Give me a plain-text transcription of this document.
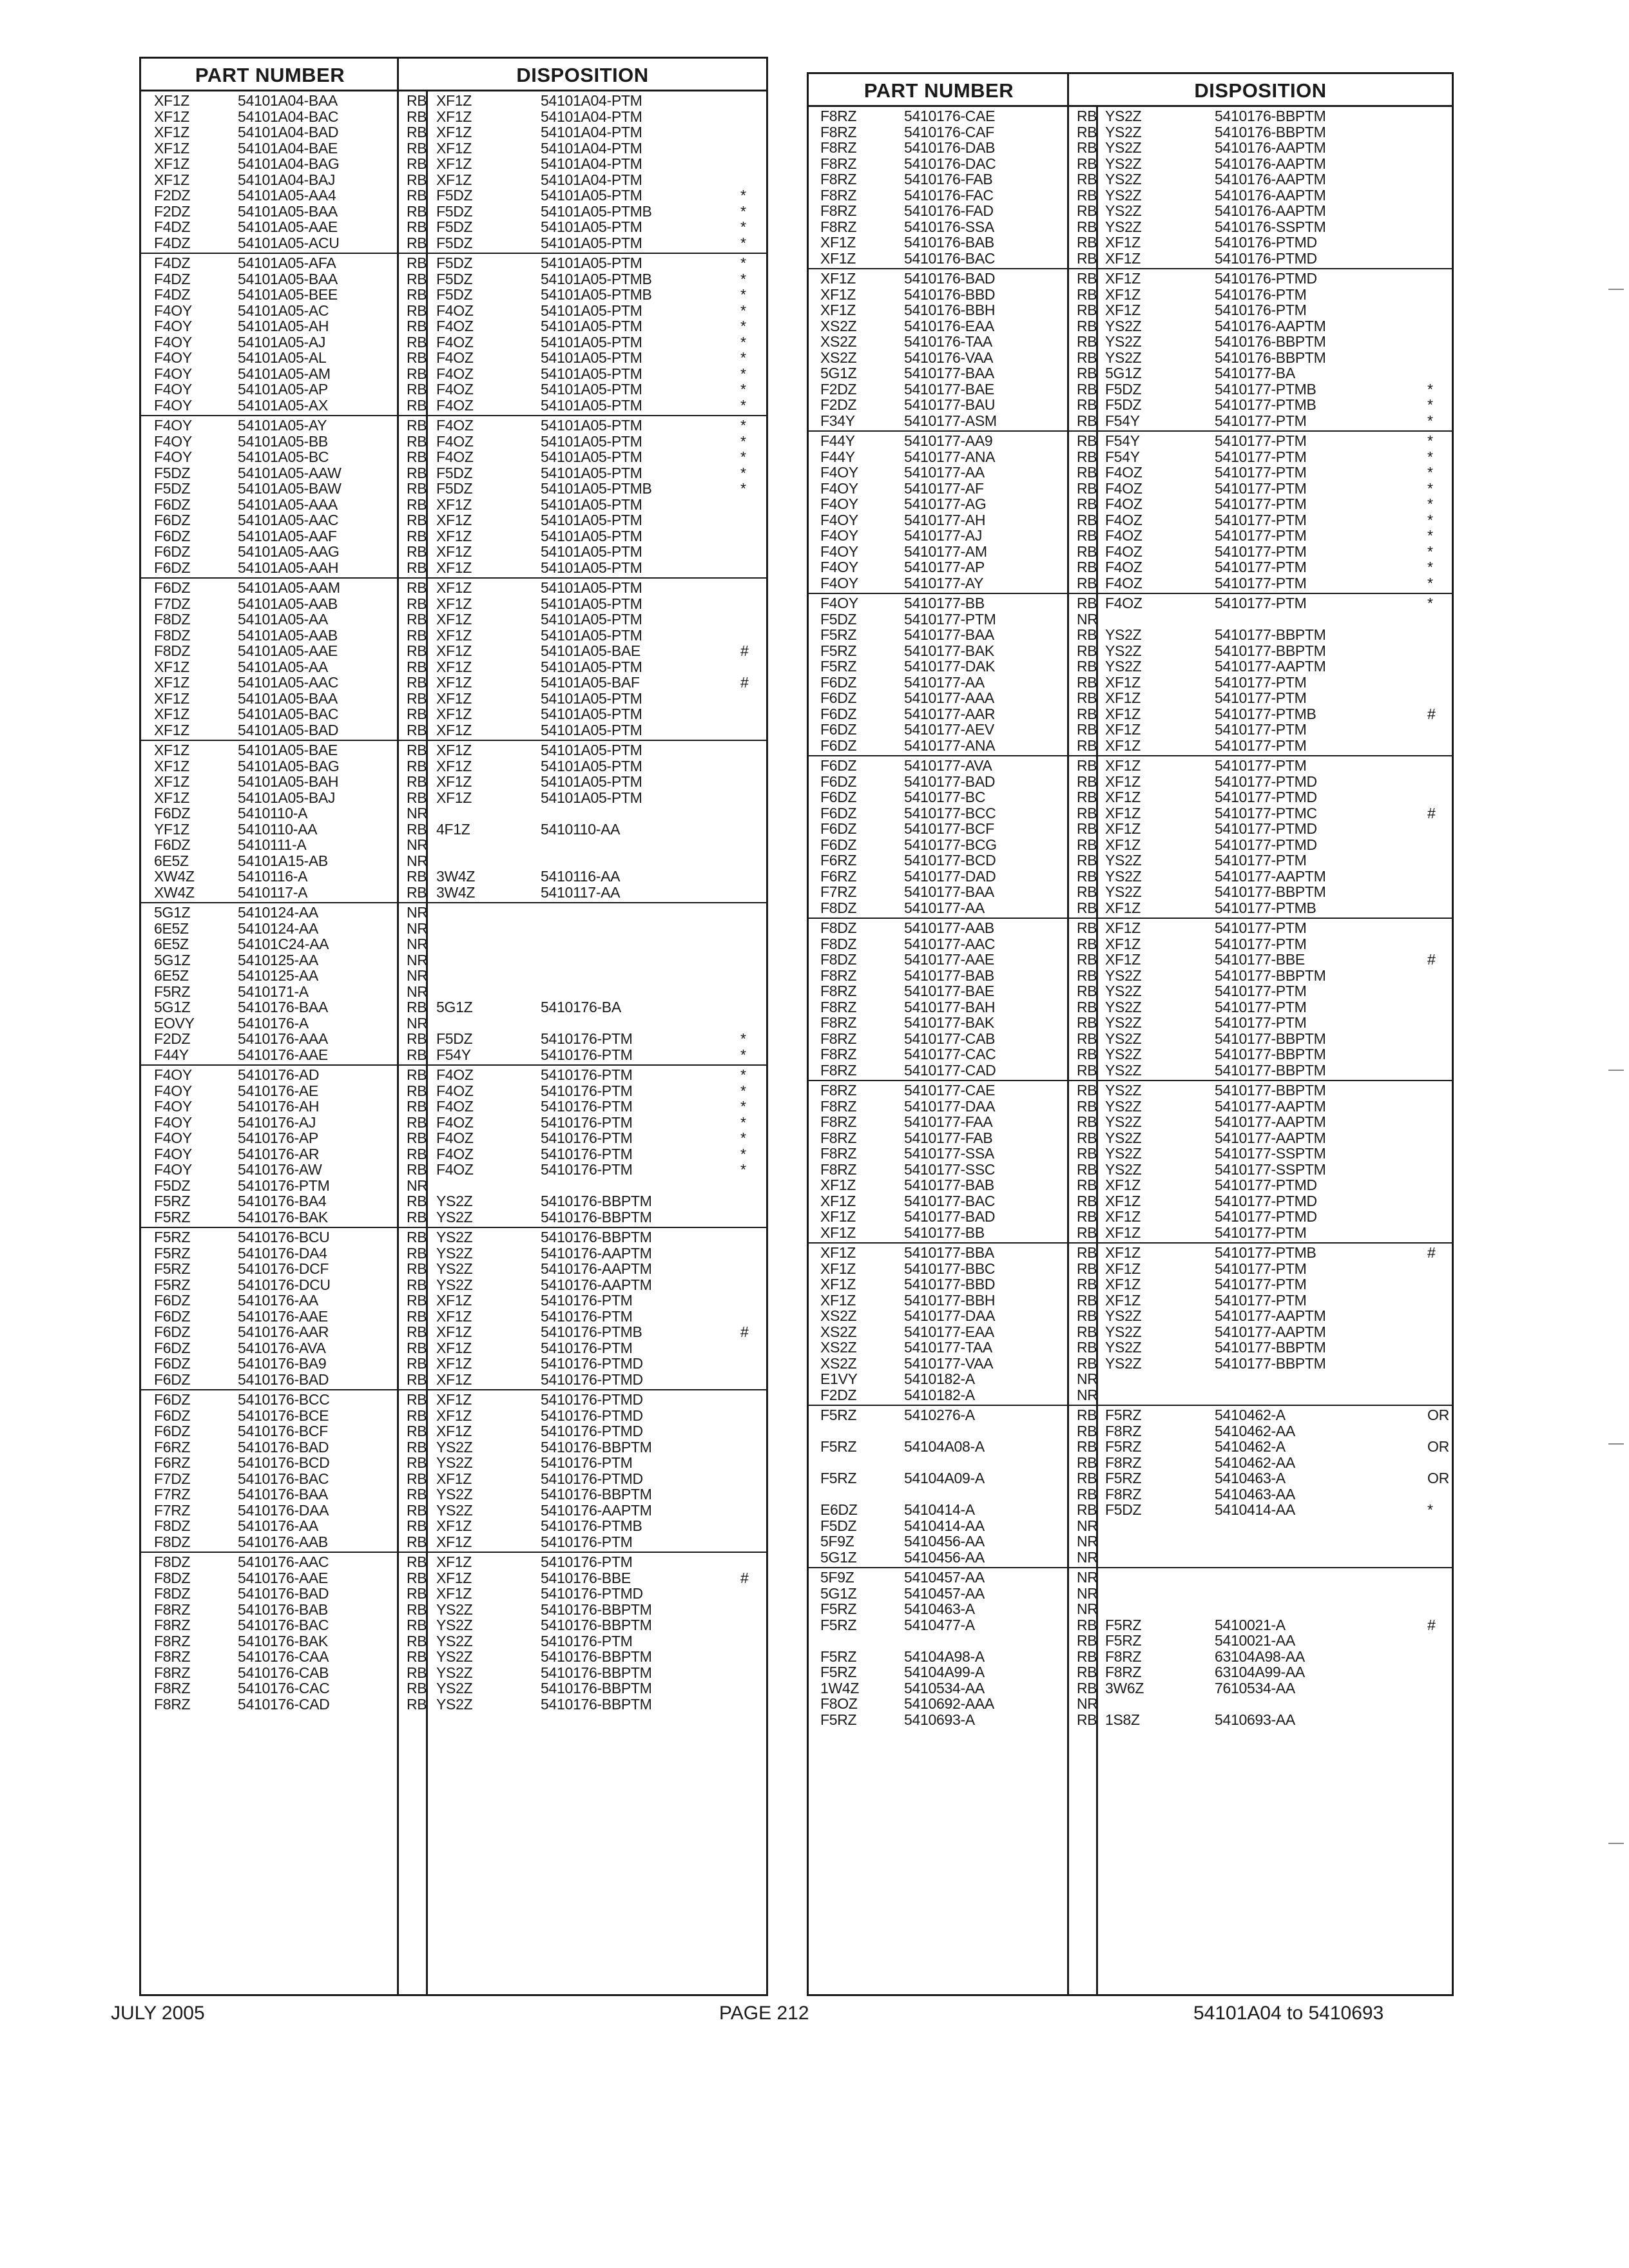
PART NUMBER	DISPOSITION
XF1Z	54101A04-BAA	RB XF1Z	54101A04-PTM
XF1Z	54101A04-BAC	RB XF1Z	54101A04-PTM
XF1Z	54101A04-BAD	RB XF1Z	54101A04-PTM
XF1Z	54101A04-BAE	RB XF1Z	54101A04-PTM
XF1Z	54101A04-BAG	RB XF1Z	54101A04-PTM
XF1Z	54101A04-BAJ	RB XF1Z	54101A04-PTM
F2DZ	54101A05-AA4	RB F5DZ	54101A05-PTM	*
F2DZ	54101A05-BAA	RB F5DZ	54101A05-PTMB	*
F4DZ	54101A05-AAE	RB F5DZ	54101A05-PTM	*
F4DZ	54101A05-ACU	RB F5DZ	54101A05-PTM	*
F4DZ	54101A05-AFA	RB F5DZ	54101A05-PTM	*
F4DZ	54101A05-BAA	RB F5DZ	54101A05-PTMB	*
F4DZ	54101A05-BEE	RB F5DZ	54101A05-PTMB	*
F4OY	54101A05-AC	RB F4OZ	54101A05-PTM	*
F4OY	54101A05-AH	RB F4OZ	54101A05-PTM	*
F4OY	54101A05-AJ	RB F4OZ	54101A05-PTM	*
F4OY	54101A05-AL	RB F4OZ	54101A05-PTM	*
F4OY	54101A05-AM	RB F4OZ	54101A05-PTM	*
F4OY	54101A05-AP	RB F4OZ	54101A05-PTM	*
F4OY	54101A05-AX	RB F4OZ	54101A05-PTM	*
F4OY	54101A05-AY	RB F4OZ	54101A05-PTM	*
F4OY	54101A05-BB	RB F4OZ	54101A05-PTM	*
F4OY	54101A05-BC	RB F4OZ	54101A05-PTM	*
F5DZ	54101A05-AAW	RB F5DZ	54101A05-PTM	*
F5DZ	54101A05-BAW	RB F5DZ	54101A05-PTMB	*
F6DZ	54101A05-AAA	RB XF1Z	54101A05-PTM
F6DZ	54101A05-AAC	RB XF1Z	54101A05-PTM
F6DZ	54101A05-AAF	RB XF1Z	54101A05-PTM
F6DZ	54101A05-AAG	RB XF1Z	54101A05-PTM
F6DZ	54101A05-AAH	RB XF1Z	54101A05-PTM
F6DZ	54101A05-AAM	RB XF1Z	54101A05-PTM
F7DZ	54101A05-AAB	RB XF1Z	54101A05-PTM
F8DZ	54101A05-AA	RB XF1Z	54101A05-PTM
F8DZ	54101A05-AAB	RB XF1Z	54101A05-PTM
F8DZ	54101A05-AAE	RB XF1Z	54101A05-BAE	#
XF1Z	54101A05-AA	RB XF1Z	54101A05-PTM
XF1Z	54101A05-AAC	RB XF1Z	54101A05-BAF	#
XF1Z	54101A05-BAA	RB XF1Z	54101A05-PTM
XF1Z	54101A05-BAC	RB XF1Z	54101A05-PTM
XF1Z	54101A05-BAD	RB XF1Z	54101A05-PTM
XF1Z	54101A05-BAE	RB XF1Z	54101A05-PTM
XF1Z	54101A05-BAG	RB XF1Z	54101A05-PTM
XF1Z	54101A05-BAH	RB XF1Z	54101A05-PTM
XF1Z	54101A05-BAJ	RB XF1Z	54101A05-PTM
F6DZ	5410110-A	NR
YF1Z	5410110-AA	RB 4F1Z	5410110-AA
F6DZ	5410111-A	NR
6E5Z	54101A15-AB	NR
XW4Z	5410116-A	RB 3W4Z	5410116-AA
XW4Z	5410117-A	RB 3W4Z	5410117-AA
5G1Z	5410124-AA	NR
6E5Z	5410124-AA	NR
6E5Z	54101C24-AA	NR
5G1Z	5410125-AA	NR
6E5Z	5410125-AA	NR
F5RZ	5410171-A	NR
5G1Z	5410176-BAA	RB 5G1Z	5410176-BA
EOVY	5410176-A	NR
F2DZ	5410176-AAA	RB F5DZ	5410176-PTM	*
F44Y	5410176-AAE	RB F54Y	5410176-PTM	*
F4OY	5410176-AD	RB F4OZ	5410176-PTM	*
F4OY	5410176-AE	RB F4OZ	5410176-PTM	*
F4OY	5410176-AH	RB F4OZ	5410176-PTM	*
F4OY	5410176-AJ	RB F4OZ	5410176-PTM	*
F4OY	5410176-AP	RB F4OZ	5410176-PTM	*
F4OY	5410176-AR	RB F4OZ	5410176-PTM	*
F4OY	5410176-AW	RB F4OZ	5410176-PTM	*
F5DZ	5410176-PTM	NR
F5RZ	5410176-BA4	RB YS2Z	5410176-BBPTM
F5RZ	5410176-BAK	RB YS2Z	5410176-BBPTM
F5RZ	5410176-BCU	RB YS2Z	5410176-BBPTM
F5RZ	5410176-DA4	RB YS2Z	5410176-AAPTM
F5RZ	5410176-DCF	RB YS2Z	5410176-AAPTM
F5RZ	5410176-DCU	RB YS2Z	5410176-AAPTM
F6DZ	5410176-AA	RB XF1Z	5410176-PTM
F6DZ	5410176-AAE	RB XF1Z	5410176-PTM
F6DZ	5410176-AAR	RB XF1Z	5410176-PTMB	#
F6DZ	5410176-AVA	RB XF1Z	5410176-PTM
F6DZ	5410176-BA9	RB XF1Z	5410176-PTMD
F6DZ	5410176-BAD	RB XF1Z	5410176-PTMD
F6DZ	5410176-BCC	RB XF1Z	5410176-PTMD
F6DZ	5410176-BCE	RB XF1Z	5410176-PTMD
F6DZ	5410176-BCF	RB XF1Z	5410176-PTMD
F6RZ	5410176-BAD	RB YS2Z	5410176-BBPTM
F6RZ	5410176-BCD	RB YS2Z	5410176-PTM
F7DZ	5410176-BAC	RB XF1Z	5410176-PTMD
F7RZ	5410176-BAA	RB YS2Z	5410176-BBPTM
F7RZ	5410176-DAA	RB YS2Z	5410176-AAPTM
F8DZ	5410176-AA	RB XF1Z	5410176-PTMB
F8DZ	5410176-AAB	RB XF1Z	5410176-PTM
F8DZ	5410176-AAC	RB XF1Z	5410176-PTM
F8DZ	5410176-AAE	RB XF1Z	5410176-BBE	#
F8DZ	5410176-BAD	RB XF1Z	5410176-PTMD
F8RZ	5410176-BAB	RB YS2Z	5410176-BBPTM
F8RZ	5410176-BAC	RB YS2Z	5410176-BBPTM
F8RZ	5410176-BAK	RB YS2Z	5410176-PTM
F8RZ	5410176-CAA	RB YS2Z	5410176-BBPTM
F8RZ	5410176-CAB	RB YS2Z	5410176-BBPTM
F8RZ	5410176-CAC	RB YS2Z	5410176-BBPTM
F8RZ	5410176-CAD	RB YS2Z	5410176-BBPTM
PART NUMBER	DISPOSITION
F8RZ	5410176-CAE	RB YS2Z	5410176-BBPTM
F8RZ	5410176-CAF	RB YS2Z	5410176-BBPTM
F8RZ	5410176-DAB	RB YS2Z	5410176-AAPTM
F8RZ	5410176-DAC	RB YS2Z	5410176-AAPTM
F8RZ	5410176-FAB	RB YS2Z	5410176-AAPTM
F8RZ	5410176-FAC	RB YS2Z	5410176-AAPTM
F8RZ	5410176-FAD	RB YS2Z	5410176-AAPTM
F8RZ	5410176-SSA	RB YS2Z	5410176-SSPTM
XF1Z	5410176-BAB	RB XF1Z	5410176-PTMD
XF1Z	5410176-BAC	RB XF1Z	5410176-PTMD
XF1Z	5410176-BAD	RB XF1Z	5410176-PTMD
XF1Z	5410176-BBD	RB XF1Z	5410176-PTM
XF1Z	5410176-BBH	RB XF1Z	5410176-PTM
XS2Z	5410176-EAA	RB YS2Z	5410176-AAPTM
XS2Z	5410176-TAA	RB YS2Z	5410176-BBPTM
XS2Z	5410176-VAA	RB YS2Z	5410176-BBPTM
5G1Z	5410177-BAA	RB 5G1Z	5410177-BA
F2DZ	5410177-BAE	RB F5DZ	5410177-PTMB	*
F2DZ	5410177-BAU	RB F5DZ	5410177-PTMB	*
F34Y	5410177-ASM	RB F54Y	5410177-PTM	*
F44Y	5410177-AA9	RB F54Y	5410177-PTM	*
F44Y	5410177-ANA	RB F54Y	5410177-PTM	*
F4OY	5410177-AA	RB F4OZ	5410177-PTM	*
F4OY	5410177-AF	RB F4OZ	5410177-PTM	*
F4OY	5410177-AG	RB F4OZ	5410177-PTM	*
F4OY	5410177-AH	RB F4OZ	5410177-PTM	*
F4OY	5410177-AJ	RB F4OZ	5410177-PTM	*
F4OY	5410177-AM	RB F4OZ	5410177-PTM	*
F4OY	5410177-AP	RB F4OZ	5410177-PTM	*
F4OY	5410177-AY	RB F4OZ	5410177-PTM	*
F4OY	5410177-BB	RB F4OZ	5410177-PTM	*
F5DZ	5410177-PTM	NR
F5RZ	5410177-BAA	RB YS2Z	5410177-BBPTM
F5RZ	5410177-BAK	RB YS2Z	5410177-BBPTM
F5RZ	5410177-DAK	RB YS2Z	5410177-AAPTM
F6DZ	5410177-AA	RB XF1Z	5410177-PTM
F6DZ	5410177-AAA	RB XF1Z	5410177-PTM
F6DZ	5410177-AAR	RB XF1Z	5410177-PTMB	#
F6DZ	5410177-AEV	RB XF1Z	5410177-PTM
F6DZ	5410177-ANA	RB XF1Z	5410177-PTM
F6DZ	5410177-AVA	RB XF1Z	5410177-PTM
F6DZ	5410177-BAD	RB XF1Z	5410177-PTMD
F6DZ	5410177-BC	RB XF1Z	5410177-PTMD
F6DZ	5410177-BCC	RB XF1Z	5410177-PTMC	#
F6DZ	5410177-BCF	RB XF1Z	5410177-PTMD
F6DZ	5410177-BCG	RB XF1Z	5410177-PTMD
F6RZ	5410177-BCD	RB YS2Z	5410177-PTM
F6RZ	5410177-DAD	RB YS2Z	5410177-AAPTM
F7RZ	5410177-BAA	RB YS2Z	5410177-BBPTM
F8DZ	5410177-AA	RB XF1Z	5410177-PTMB
F8DZ	5410177-AAB	RB XF1Z	5410177-PTM
F8DZ	5410177-AAC	RB XF1Z	5410177-PTM
F8DZ	5410177-AAE	RB XF1Z	5410177-BBE	#
F8RZ	5410177-BAB	RB YS2Z	5410177-BBPTM
F8RZ	5410177-BAE	RB YS2Z	5410177-PTM
F8RZ	5410177-BAH	RB YS2Z	5410177-PTM
F8RZ	5410177-BAK	RB YS2Z	5410177-PTM
F8RZ	5410177-CAB	RB YS2Z	5410177-BBPTM
F8RZ	5410177-CAC	RB YS2Z	5410177-BBPTM
F8RZ	5410177-CAD	RB YS2Z	5410177-BBPTM
F8RZ	5410177-CAE	RB YS2Z	5410177-BBPTM
F8RZ	5410177-DAA	RB YS2Z	5410177-AAPTM
F8RZ	5410177-FAA	RB YS2Z	5410177-AAPTM
F8RZ	5410177-FAB	RB YS2Z	5410177-AAPTM
F8RZ	5410177-SSA	RB YS2Z	5410177-SSPTM
F8RZ	5410177-SSC	RB YS2Z	5410177-SSPTM
XF1Z	5410177-BAB	RB XF1Z	5410177-PTMD
XF1Z	5410177-BAC	RB XF1Z	5410177-PTMD
XF1Z	5410177-BAD	RB XF1Z	5410177-PTMD
XF1Z	5410177-BB	RB XF1Z	5410177-PTM
XF1Z	5410177-BBA	RB XF1Z	5410177-PTMB	#
XF1Z	5410177-BBC	RB XF1Z	5410177-PTM
XF1Z	5410177-BBD	RB XF1Z	5410177-PTM
XF1Z	5410177-BBH	RB XF1Z	5410177-PTM
XS2Z	5410177-DAA	RB YS2Z	5410177-AAPTM
XS2Z	5410177-EAA	RB YS2Z	5410177-AAPTM
XS2Z	5410177-TAA	RB YS2Z	5410177-BBPTM
XS2Z	5410177-VAA	RB YS2Z	5410177-BBPTM
E1VY	5410182-A	NR
F2DZ	5410182-A	NR
F5RZ	5410276-A	RB F5RZ	5410462-A	OR
RB F8RZ	5410462-AA
F5RZ	54104A08-A	RB F5RZ	5410462-A	OR
RB F8RZ	5410462-AA
F5RZ	54104A09-A	RB F5RZ	5410463-A	OR
RB F8RZ	5410463-AA
E6DZ	5410414-A	RB F5DZ	5410414-AA	*
F5DZ	5410414-AA	NR
5F9Z	5410456-AA	NR
5G1Z	5410456-AA	NR
5F9Z	5410457-AA	NR
5G1Z	5410457-AA	NR
F5RZ	5410463-A	NR
F5RZ	5410477-A	RB F5RZ	5410021-A	#
RB F5RZ	5410021-AA
F5RZ	54104A98-A	RB F8RZ	63104A98-AA
F5RZ	54104A99-A	RB F8RZ	63104A99-AA
1W4Z	5410534-AA	RB 3W6Z	7610534-AA
F8OZ	5410692-AAA	NR
F5RZ	5410693-A	RB 1S8Z	5410693-AA
JULY 2005	PAGE 212	54101A04 to 5410693
